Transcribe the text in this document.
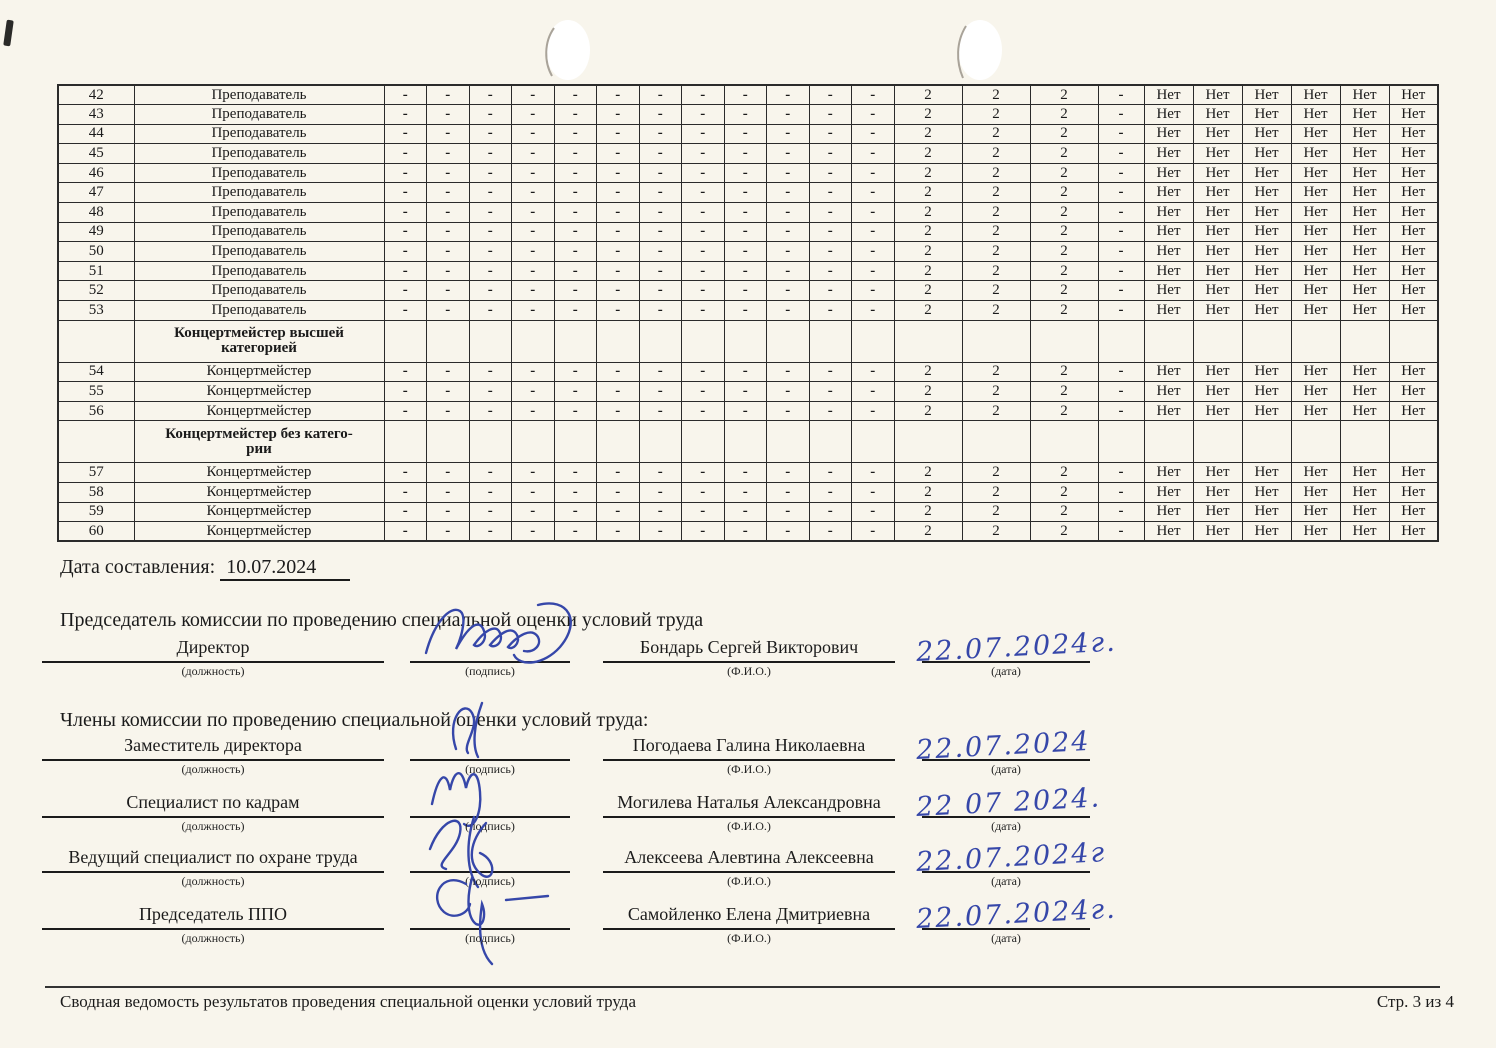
42	Преподаватель	-	-	-	-	-	-	-	-	-	-	-	-	2	2	2	-	Нет	Нет	Нет	Нет	Нет	Нет
43	Преподаватель	-	-	-	-	-	-	-	-	-	-	-	-	2	2	2	-	Нет	Нет	Нет	Нет	Нет	Нет
44	Преподаватель	-	-	-	-	-	-	-	-	-	-	-	-	2	2	2	-	Нет	Нет	Нет	Нет	Нет	Нет
45	Преподаватель	-	-	-	-	-	-	-	-	-	-	-	-	2	2	2	-	Нет	Нет	Нет	Нет	Нет	Нет
46	Преподаватель	-	-	-	-	-	-	-	-	-	-	-	-	2	2	2	-	Нет	Нет	Нет	Нет	Нет	Нет
47	Преподаватель	-	-	-	-	-	-	-	-	-	-	-	-	2	2	2	-	Нет	Нет	Нет	Нет	Нет	Нет
48	Преподаватель	-	-	-	-	-	-	-	-	-	-	-	-	2	2	2	-	Нет	Нет	Нет	Нет	Нет	Нет
49	Преподаватель	-	-	-	-	-	-	-	-	-	-	-	-	2	2	2	-	Нет	Нет	Нет	Нет	Нет	Нет
50	Преподаватель	-	-	-	-	-	-	-	-	-	-	-	-	2	2	2	-	Нет	Нет	Нет	Нет	Нет	Нет
51	Преподаватель	-	-	-	-	-	-	-	-	-	-	-	-	2	2	2	-	Нет	Нет	Нет	Нет	Нет	Нет
52	Преподаватель	-	-	-	-	-	-	-	-	-	-	-	-	2	2	2	-	Нет	Нет	Нет	Нет	Нет	Нет
53	Преподаватель	-	-	-	-	-	-	-	-	-	-	-	-	2	2	2	-	Нет	Нет	Нет	Нет	Нет	Нет
	Концертмейстер высшей
категорией																						
54	Концертмейстер	-	-	-	-	-	-	-	-	-	-	-	-	2	2	2	-	Нет	Нет	Нет	Нет	Нет	Нет
55	Концертмейстер	-	-	-	-	-	-	-	-	-	-	-	-	2	2	2	-	Нет	Нет	Нет	Нет	Нет	Нет
56	Концертмейстер	-	-	-	-	-	-	-	-	-	-	-	-	2	2	2	-	Нет	Нет	Нет	Нет	Нет	Нет
	Концертмейстер без катего-
рии																						
57	Концертмейстер	-	-	-	-	-	-	-	-	-	-	-	-	2	2	2	-	Нет	Нет	Нет	Нет	Нет	Нет
58	Концертмейстер	-	-	-	-	-	-	-	-	-	-	-	-	2	2	2	-	Нет	Нет	Нет	Нет	Нет	Нет
59	Концертмейстер	-	-	-	-	-	-	-	-	-	-	-	-	2	2	2	-	Нет	Нет	Нет	Нет	Нет	Нет
60	Концертмейстер	-	-	-	-	-	-	-	-	-	-	-	-	2	2	2	-	Нет	Нет	Нет	Нет	Нет	Нет
Дата составления: 10.07.2024
Председатель комиссии по проведению специальной оценки условий труда
Члены комиссии по проведению специальной оценки условий труда:
Директор
(должность)	(подпись)
Бондарь Сергей Викторович
(Ф.И.О.)
22.07.2024г.
(дата)
Заместитель директора
(должность)	(подпись)
Погодаева Галина Николаевна
(Ф.И.О.)
22.07.2024
(дата)
Специалист по кадрам
(должность)	(подпись)
Могилева Наталья Александровна
(Ф.И.О.)
22 07 2024.
(дата)
Ведущий специалист по охране труда
(должность)	(подпись)
Алексеева Алевтина Алексеевна
(Ф.И.О.)
22.07.2024г
(дата)
Председатель ППО
(должность)	(подпись)
Самойленко Елена Дмитриевна
(Ф.И.О.)
22.07.2024г.
(дата)
Сводная ведомость результатов проведения специальной оценки условий труда	Стр. 3 из 4
